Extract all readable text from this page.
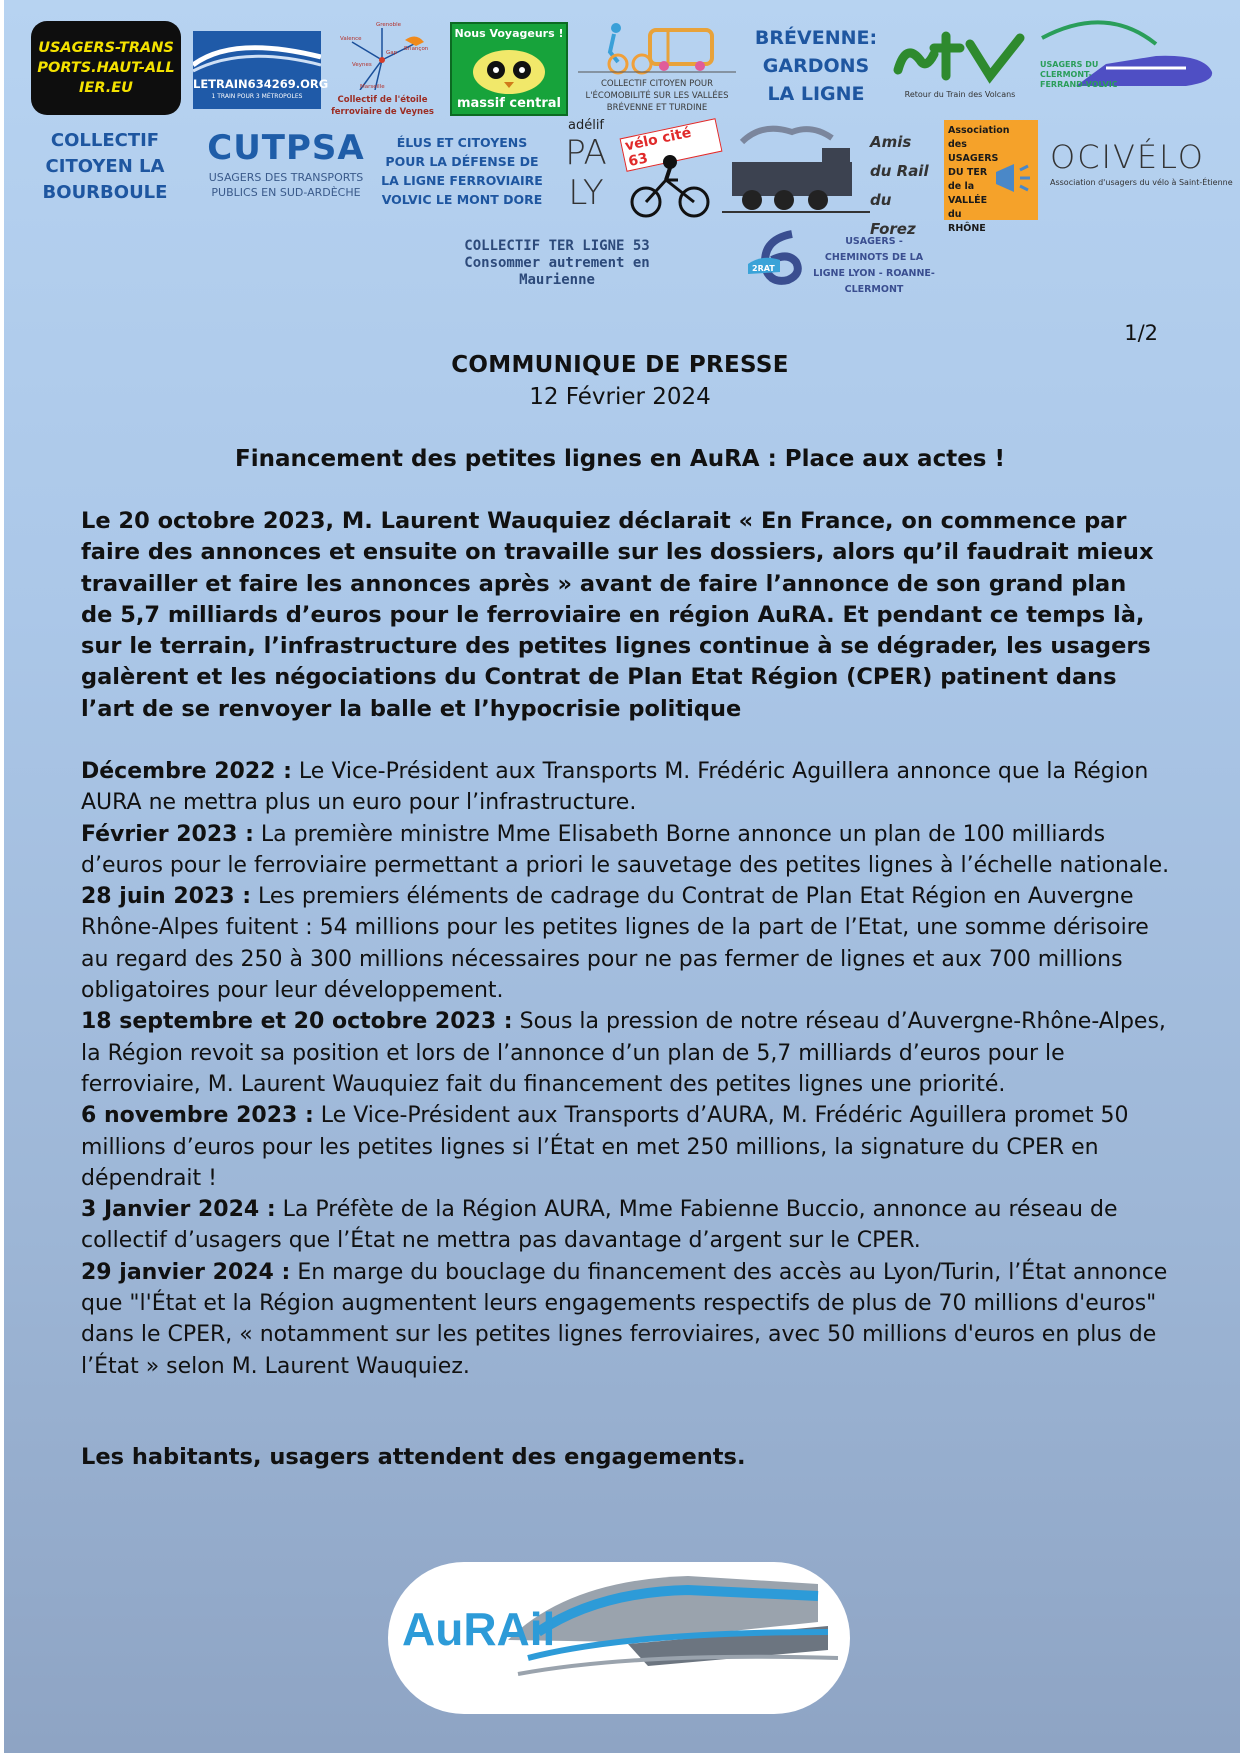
USAGERS-TRANSPORTS.HAUT-ALLIER.EU	LETRAIN634269.ORG
1 TRAIN POUR 3 MÉTROPOLES
Grenoble
Valence
Gap
Briançon
Veynes
Marseille
Collectif de l'étoile ferroviaire de Veynes
Nous Voyageurs !
massif central
COLLECTIF CITOYEN POUR L'ÉCOMOBILITÉ SUR LES VALLÉES BRÉVENNE ET TURDINE
BRÉVENNE: GARDONS LA LIGNE	Retour du Train des Volcans
USAGERS DU CLERMONT-FERRAND-VOLVIC
COLLECTIF CITOYEN LA BOURBOULE
CUTPSA
USAGERS DES TRANSPORTS PUBLICS EN SUD-ARDÈCHE
ÉLUS ET CITOYENS POUR LA DÉFENSE DE LA LIGNE FERROVIAIRE VOLVIC LE MONT DORE
adélif
PALY
vélo cité 63
Amis du Rail du Forez
Association des USAGERS DU TER de la VALLÉE du RHÔNE
OCIVÉLO
Association d'usagers du vélo à Saint-Étienne
COLLECTIF TER LIGNE 53 Consommer autrement en Maurienne
2RAT
USAGERS - CHEMINOTS DE LA LIGNE LYON - ROANNE-CLERMONT
1/2
COMMUNIQUE DE PRESSE
12 Février 2024
Financement des petites lignes en AuRA : Place aux actes !
Le 20 octobre 2023, M. Laurent Wauquiez déclarait « En France, on commence par faire des annonces et ensuite on travaille sur les dossiers, alors qu’il faudrait mieux travailler et faire les annonces après » avant de faire l’annonce de son grand plan de 5,7 milliards d’euros pour le ferroviaire en région AuRA. Et pendant ce temps là, sur le terrain, l’infrastructure des petites lignes continue à se dégrader, les usagers galèrent et les négociations du Contrat de Plan Etat Région (CPER) patinent dans l’art de se renvoyer la balle et l’hypocrisie politique

Décembre 2022 : Le Vice-Président aux Transports M. Frédéric Aguillera annonce que la Région AURA ne mettra plus un euro pour l’infrastructure.

Février 2023 : La première ministre Mme Elisabeth Borne annonce un plan de 100 milliards d’euros pour le ferroviaire permettant a priori le sauvetage des petites lignes à l’échelle nationale.

28 juin 2023 : Les premiers éléments de cadrage du Contrat de Plan Etat Région en Auvergne Rhône-Alpes fuitent : 54 millions pour les petites lignes de la part de l’Etat, une somme dérisoire au regard des 250 à 300 millions nécessaires pour ne pas fermer de lignes et aux 700 millions obligatoires pour leur développement.

18 septembre et 20 octobre 2023 : Sous la pression de notre réseau d’Auvergne-Rhône-Alpes, la Région revoit sa position et lors de l’annonce d’un plan de 5,7 milliards d’euros pour le ferroviaire, M. Laurent Wauquiez fait du financement des petites lignes une priorité.

6 novembre 2023 : Le Vice-Président aux Transports d’AURA, M. Frédéric Aguillera promet 50 millions d’euros pour les petites lignes si l’État en met 250 millions, la signature du CPER en dépendrait !

3 Janvier 2024 : La Préfète de la Région AURA, Mme Fabienne Buccio, annonce au réseau de collectif d’usagers que l’État ne mettra pas davantage d’argent sur le CPER.

29 janvier 2024 : En marge du bouclage du financement des accès au Lyon/Turin, l’État annonce que "l'État et la Région augmentent leurs engagements respectifs de plus de 70 millions d'euros" dans le CPER, « notamment sur les petites lignes ferroviaires, avec 50 millions d'euros en plus de l’État » selon M. Laurent Wauquiez.

Les habitants, usagers attendent des engagements.
AuRAil
